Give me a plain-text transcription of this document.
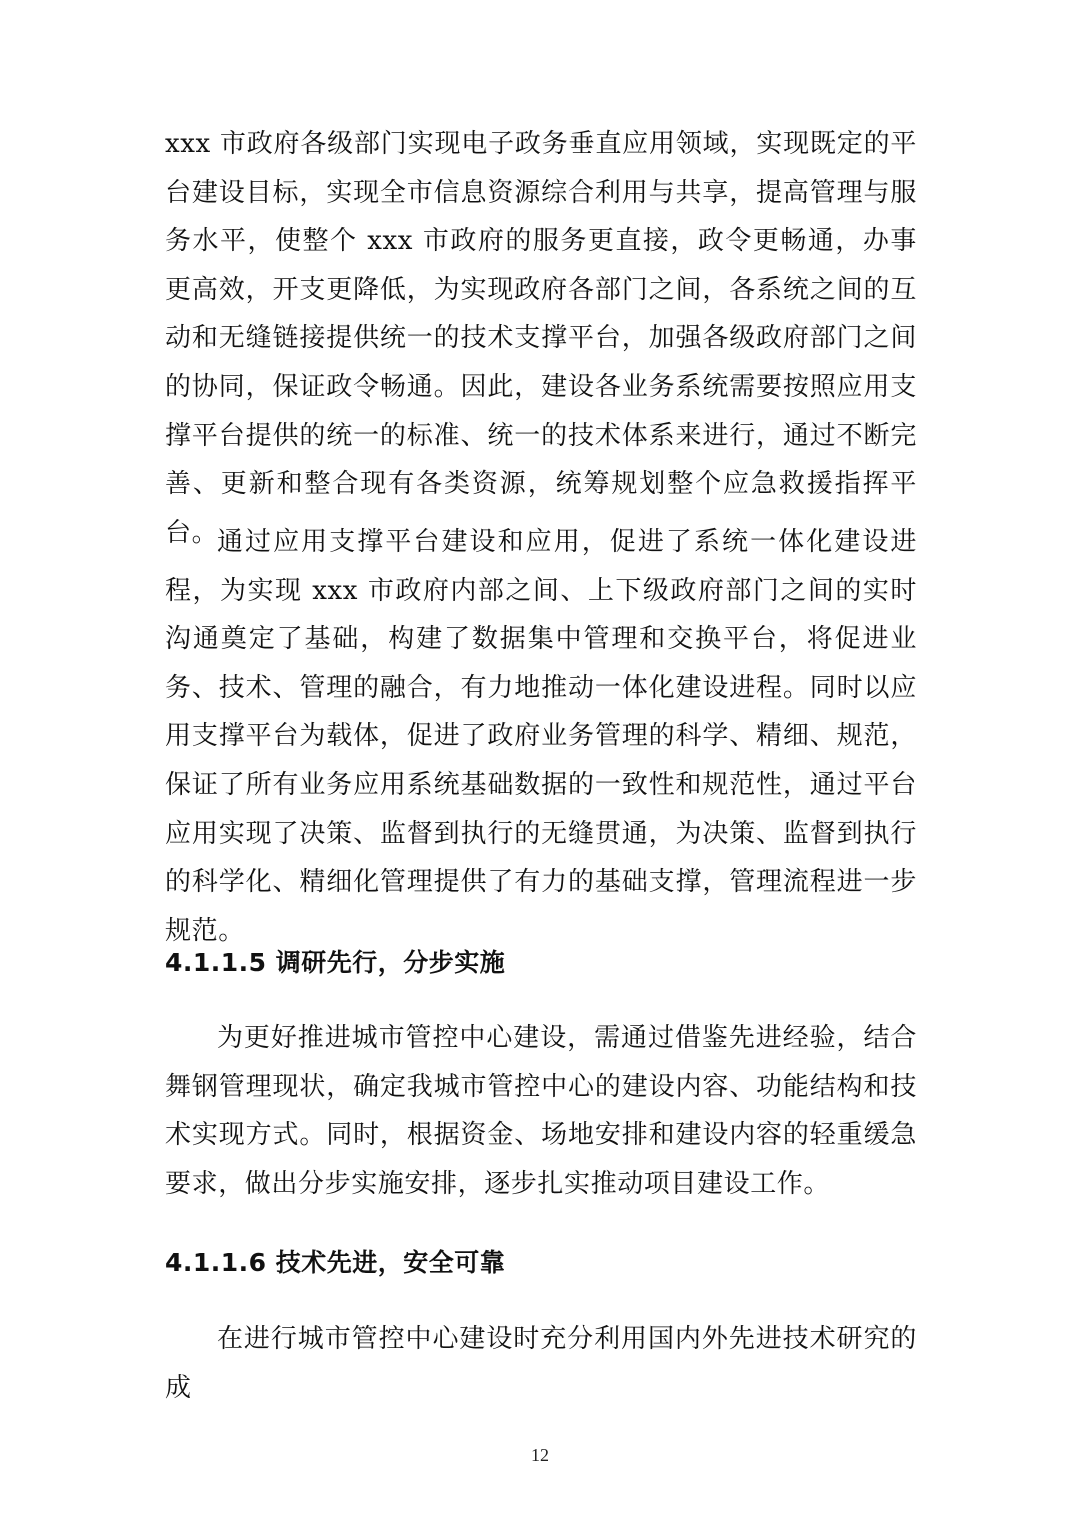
xxx 市政府各级部门实现电子政务垂直应用领域，实现既定的平台建设目标，实现全市信息资源综合利用与共享，提高管理与服务水平，使整个 xxx 市政府的服务更直接，政令更畅通，办事更高效，开支更降低，为实现政府各部门之间，各系统之间的互动和无缝链接提供统一的技术支撑平台，加强各级政府部门之间的协同，保证政令畅通。因此，建设各业务系统需要按照应用支撑平台提供的统一的标准、统一的技术体系来进行，通过不断完善、更新和整合现有各类资源，统筹规划整个应急救援指挥平台。

通过应用支撑平台建设和应用，促进了系统一体化建设进程，为实现 xxx 市政府内部之间、上下级政府部门之间的实时沟通奠定了基础，构建了数据集中管理和交换平台，将促进业务、技术、管理的融合，有力地推动一体化建设进程。同时以应用支撑平台为载体，促进了政府业务管理的科学、精细、规范，保证了所有业务应用系统基础数据的一致性和规范性，通过平台应用实现了决策、监督到执行的无缝贯通，为决策、监督到执行的科学化、精细化管理提供了有力的基础支撑，管理流程进一步规范。

4.1.1.5 调研先行，分步实施

为更好推进城市管控中心建设，需通过借鉴先进经验，结合舞钢管理现状，确定我城市管控中心的建设内容、功能结构和技术实现方式。同时，根据资金、场地安排和建设内容的轻重缓急要求，做出分步实施安排，逐步扎实推动项目建设工作。

4.1.1.6 技术先进，安全可靠

在进行城市管控中心建设时充分利用国内外先进技术研究的成

12
